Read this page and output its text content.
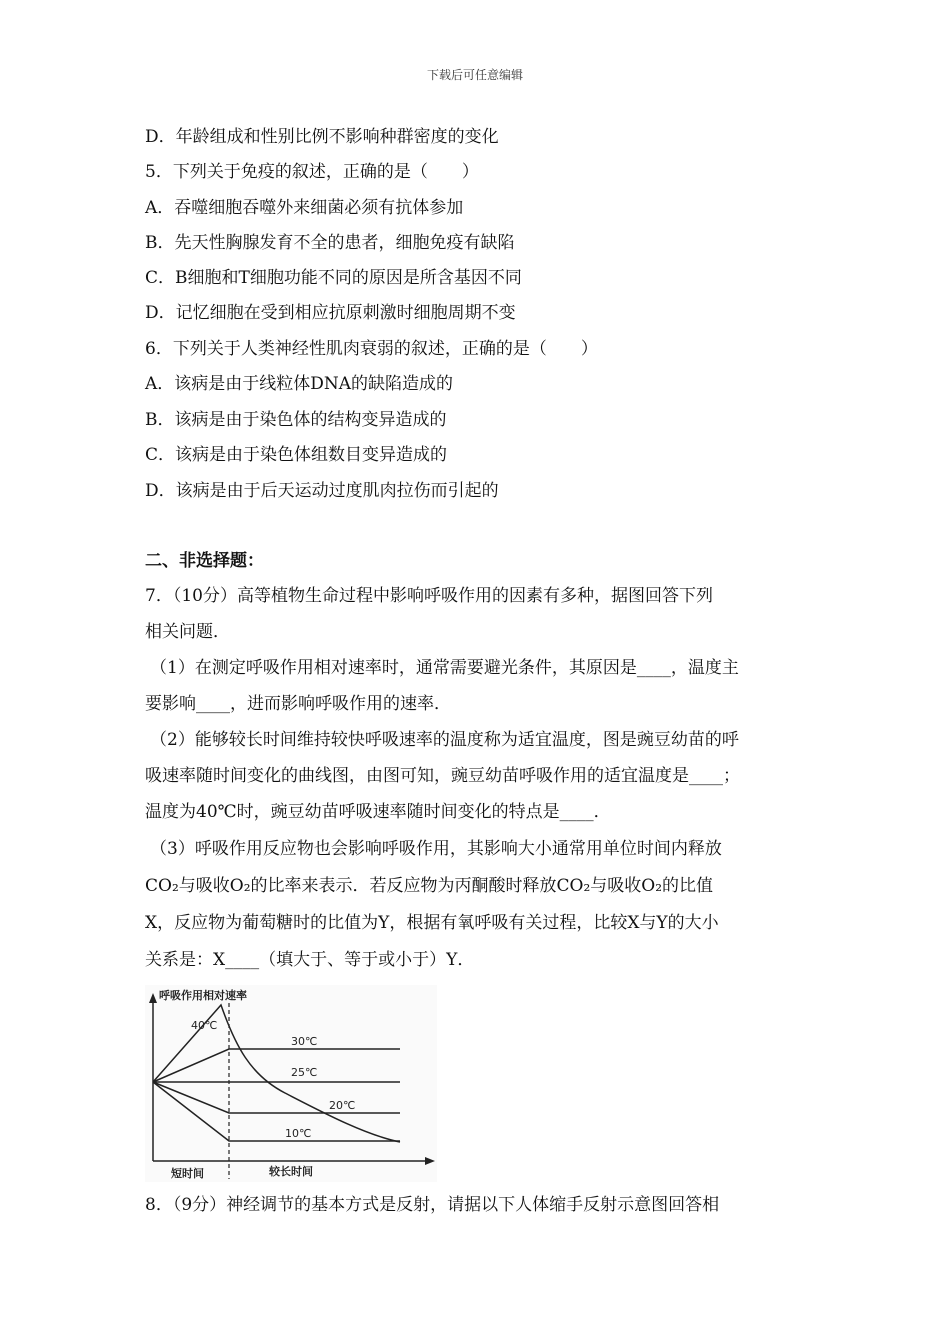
下载后可任意编辑
D．年龄组成和性别比例不影响种群密度的变化
5．下列关于免疫的叙述，正确的是（　　）
A．吞噬细胞吞噬外来细菌必须有抗体参加
B．先天性胸腺发育不全的患者，细胞免疫有缺陷
C．B细胞和T细胞功能不同的原因是所含基因不同
D．记忆细胞在受到相应抗原刺激时细胞周期不变
6．下列关于人类神经性肌肉衰弱的叙述，正确的是（　　）
A．该病是由于线粒体DNA的缺陷造成的
B．该病是由于染色体的结构变异造成的
C．该病是由于染色体组数目变异造成的
D．该病是由于后天运动过度肌肉拉伤而引起的
二、非选择题：
7．（10分）高等植物生命过程中影响呼吸作用的因素有多种，据图回答下列
相关问题．
（1）在测定呼吸作用相对速率时，通常需要避光条件，其原因是____，温度主
要影响____，进而影响呼吸作用的速率．
（2）能够较长时间维持较快呼吸速率的温度称为适宜温度，图是豌豆幼苗的呼
吸速率随时间变化的曲线图，由图可知，豌豆幼苗呼吸作用的适宜温度是____；
温度为40℃时，豌豆幼苗呼吸速率随时间变化的特点是____．
（3）呼吸作用反应物也会影响呼吸作用，其影响大小通常用单位时间内释放
CO₂与吸收O₂的比率来表示．若反应物为丙酮酸时释放CO₂与吸收O₂的比值
X，反应物为葡萄糖时的比值为Y，根据有氧呼吸有关过程，比较X与Y的大小
关系是：X____（填大于、等于或小于）Y．
8．（9分）神经调节的基本方式是反射，请据以下人体缩手反射示意图回答相
呼吸作用相对速率
40℃
30℃
25℃
20℃
10℃
短时间	较长时间
